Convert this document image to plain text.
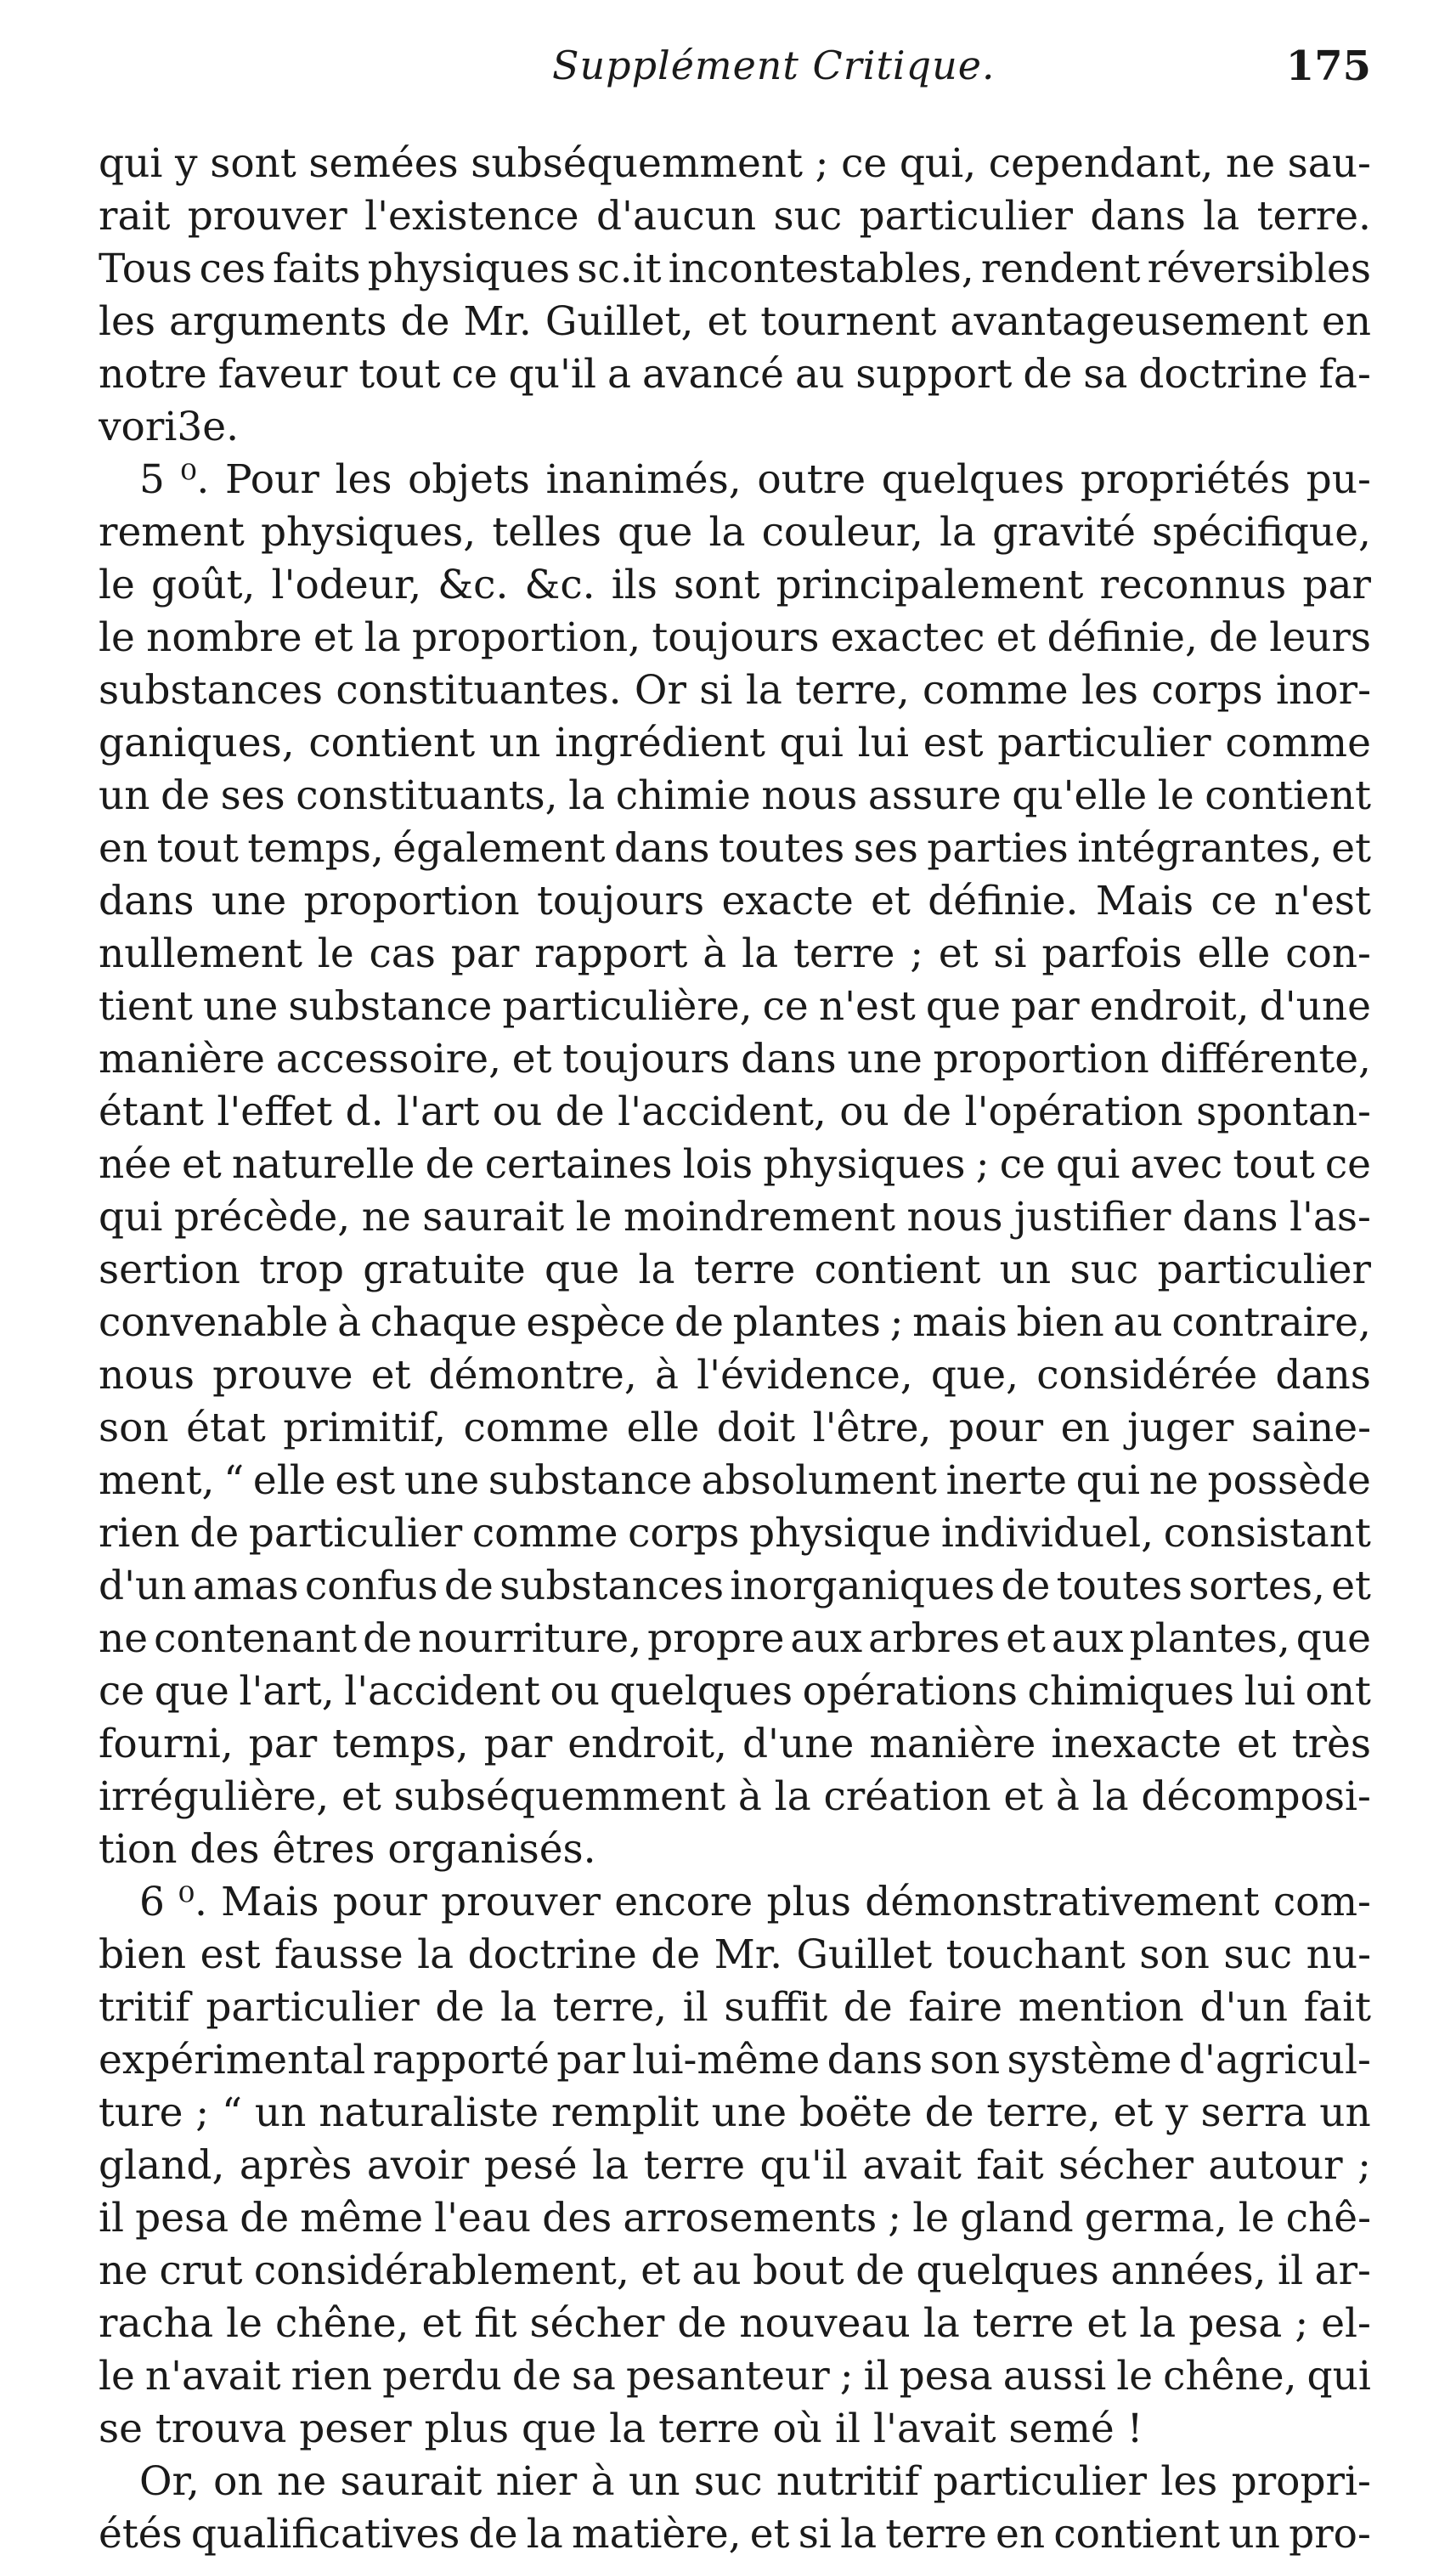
Supplément Critique.	175
qui y sont semées subséquemment ; ce qui, cependant, ne sau-
rait prouver l'existence d'aucun suc particulier dans la terre.
Tous ces faits physiques sc.it incontestables, rendent réversibles
les arguments de Mr. Guillet, et tournent avantageusement en
notre faveur tout ce qu'il a avancé au support de sa doctrine fa-
vori3e.
5 ⁰. Pour les objets inanimés, outre quelques propriétés pu-
rement physiques, telles que la couleur, la gravité spécifique,
le goût, l'odeur, &c. &c. ils sont principalement reconnus par
le nombre et la proportion, toujours exactec et définie, de leurs
substances constituantes. Or si la terre, comme les corps inor-
ganiques, contient un ingrédient qui lui est particulier comme
un de ses constituants, la chimie nous assure qu'elle le contient
en tout temps, également dans toutes ses parties intégrantes, et
dans une proportion toujours exacte et définie. Mais ce n'est
nullement le cas par rapport à la terre ; et si parfois elle con-
tient une substance particulière, ce n'est que par endroit, d'une
manière accessoire, et toujours dans une proportion différente,
étant l'effet d. l'art ou de l'accident, ou de l'opération spontan-
née et naturelle de certaines lois physiques ; ce qui avec tout ce
qui précède, ne saurait le moindrement nous justifier dans l'as-
sertion trop gratuite que la terre contient un suc particulier
convenable à chaque espèce de plantes ; mais bien au contraire,
nous prouve et démontre, à l'évidence, que, considérée dans
son état primitif, comme elle doit l'être, pour en juger saine-
ment, “ elle est une substance absolument inerte qui ne possède
rien de particulier comme corps physique individuel, consistant
d'un amas confus de substances inorganiques de toutes sortes, et
ne contenant de nourriture, propre aux arbres et aux plantes, que
ce que l'art, l'accident ou quelques opérations chimiques lui ont
fourni, par temps, par endroit, d'une manière inexacte et très
irrégulière, et subséquemment à la création et à la décomposi-
tion des êtres organisés.
6 ⁰. Mais pour prouver encore plus démonstrativement com-
bien est fausse la doctrine de Mr. Guillet touchant son suc nu-
tritif particulier de la terre, il suffit de faire mention d'un fait
expérimental rapporté par lui-même dans son système d'agricul-
ture ; “ un naturaliste remplit une boëte de terre, et y serra un
gland, après avoir pesé la terre qu'il avait fait sécher autour ;
il pesa de même l'eau des arrosements ; le gland germa, le chê-
ne crut considérablement, et au bout de quelques années, il ar-
racha le chêne, et fit sécher de nouveau la terre et la pesa ; el-
le n'avait rien perdu de sa pesanteur ; il pesa aussi le chêne, qui
se trouva peser plus que la terre où il l'avait semé !
Or, on ne saurait nier à un suc nutritif particulier les propri-
étés qualificatives de la matière, et si la terre en contient un pro-
